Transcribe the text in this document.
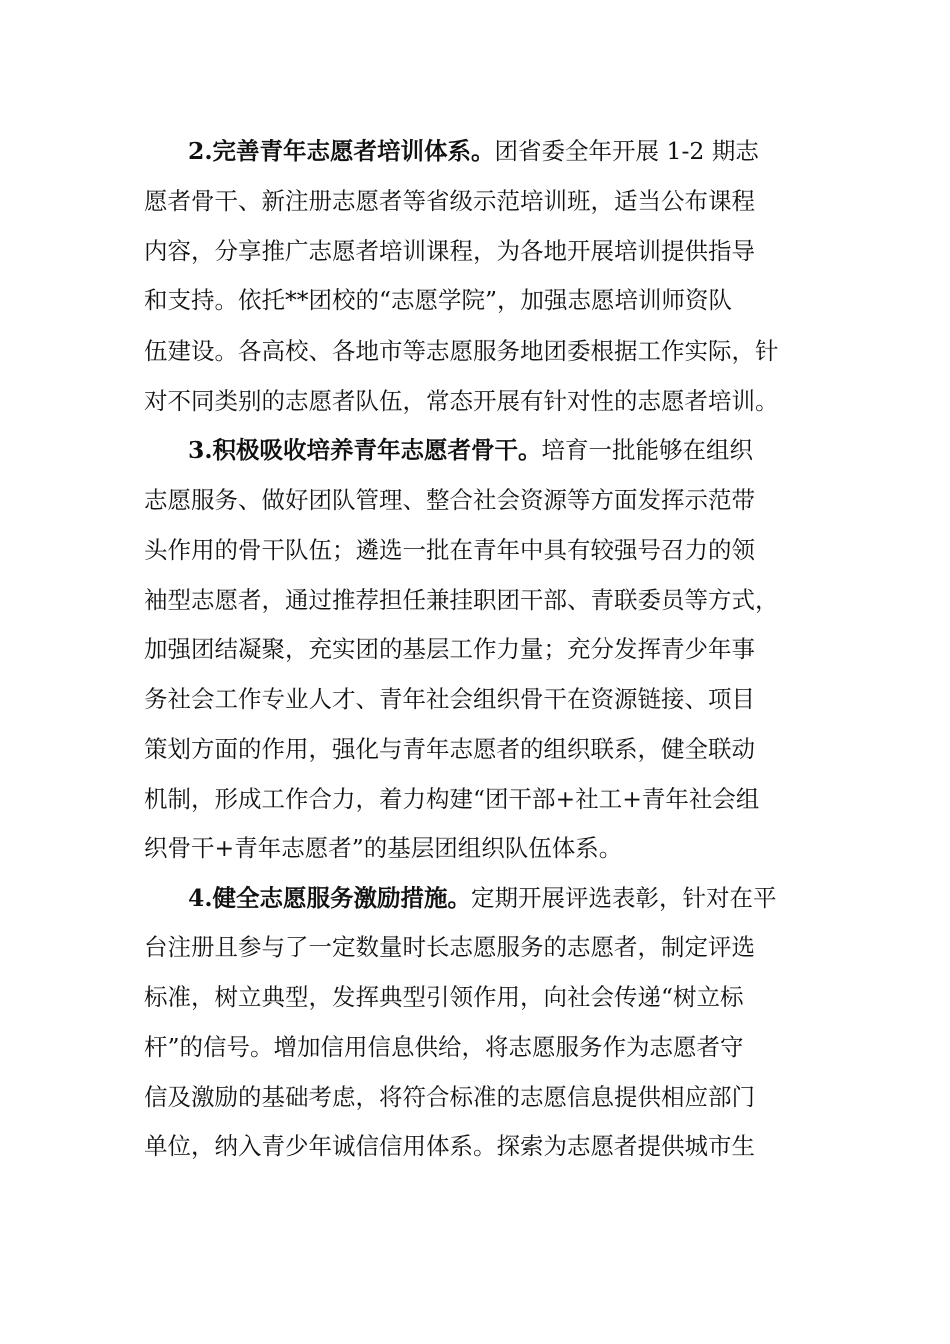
2.完善青年志愿者培训体系。团省委全年开展 1-2 期志
愿者骨干、新注册志愿者等省级示范培训班，适当公布课程
内容，分享推广志愿者培训课程，为各地开展培训提供指导
和支持。依托**团校的“志愿学院”，加强志愿培训师资队
伍建设。各高校、各地市等志愿服务地团委根据工作实际，针
对不同类别的志愿者队伍，常态开展有针对性的志愿者培训。
3.积极吸收培养青年志愿者骨干。培育一批能够在组织
志愿服务、做好团队管理、整合社会资源等方面发挥示范带
头作用的骨干队伍；遴选一批在青年中具有较强号召力的领
袖型志愿者，通过推荐担任兼挂职团干部、青联委员等方式，
加强团结凝聚，充实团的基层工作力量；充分发挥青少年事
务社会工作专业人才、青年社会组织骨干在资源链接、项目
策划方面的作用，强化与青年志愿者的组织联系，健全联动
机制，形成工作合力，着力构建“团干部+社工+青年社会组
织骨干+青年志愿者”的基层团组织队伍体系。
4.健全志愿服务激励措施。定期开展评选表彰，针对在平
台注册且参与了一定数量时长志愿服务的志愿者，制定评选
标准，树立典型，发挥典型引领作用，向社会传递“树立标
杆”的信号。增加信用信息供给，将志愿服务作为志愿者守
信及激励的基础考虑，将符合标准的志愿信息提供相应部门
单位，纳入青少年诚信信用体系。探索为志愿者提供城市生
